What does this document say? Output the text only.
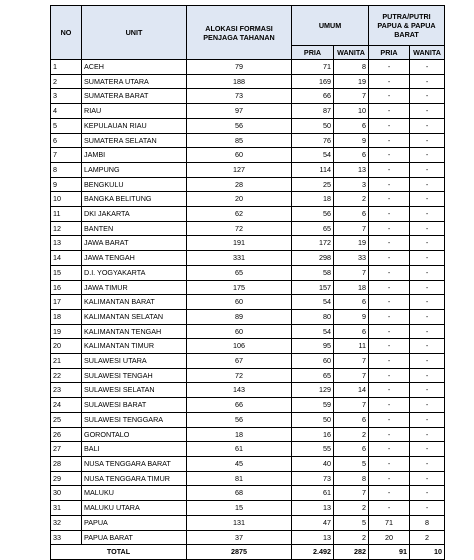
NO	UNIT	ALOKASI FORMASI PENJAGA TAHANAN	UMUM		PUTRA/PUTRI PAPUA & PAPUA BARAT	
			PRIA	WANITA	PRIA	WANITA
1	ACEH	79	71	8	-	-
2	SUMATERA UTARA	188	169	19	-	-
3	SUMATERA BARAT	73	66	7	-	-
4	RIAU	97	87	10	-	-
5	KEPULAUAN RIAU	56	50	6	-	-
6	SUMATERA SELATAN	85	76	9	-	-
7	JAMBI	60	54	6	-	-
8	LAMPUNG	127	114	13	-	-
9	BENGKULU	28	25	3	-	-
10	BANGKA BELITUNG	20	18	2	-	-
11	DKI JAKARTA	62	56	6	-	-
12	BANTEN	72	65	7	-	-
13	JAWA BARAT	191	172	19	-	-
14	JAWA TENGAH	331	298	33	-	-
15	D.I. YOGYAKARTA	65	58	7	-	-
16	JAWA TIMUR	175	157	18	-	-
17	KALIMANTAN BARAT	60	54	6	-	-
18	KALIMANTAN SELATAN	89	80	9	-	-
19	KALIMANTAN TENGAH	60	54	6	-	-
20	KALIMANTAN TIMUR	106	95	11	-	-
21	SULAWESI UTARA	67	60	7	-	-
22	SULAWESI TENGAH	72	65	7	-	-
23	SULAWESI SELATAN	143	129	14	-	-
24	SULAWESI BARAT	66	59	7	-	-
25	SULAWESI TENGGARA	56	50	6	-	-
26	GORONTALO	18	16	2	-	-
27	BALI	61	55	6	-	-
28	NUSA TENGGARA BARAT	45	40	5	-	-
29	NUSA TENGGARA TIMUR	81	73	8	-	-
30	MALUKU	68	61	7	-	-
31	MALUKU UTARA	15	13	2	-	-
32	PAPUA	131	47	5	71	8
33	PAPUA BARAT	37	13	2	20	2
TOTAL		2875	2.492	282	91	10
